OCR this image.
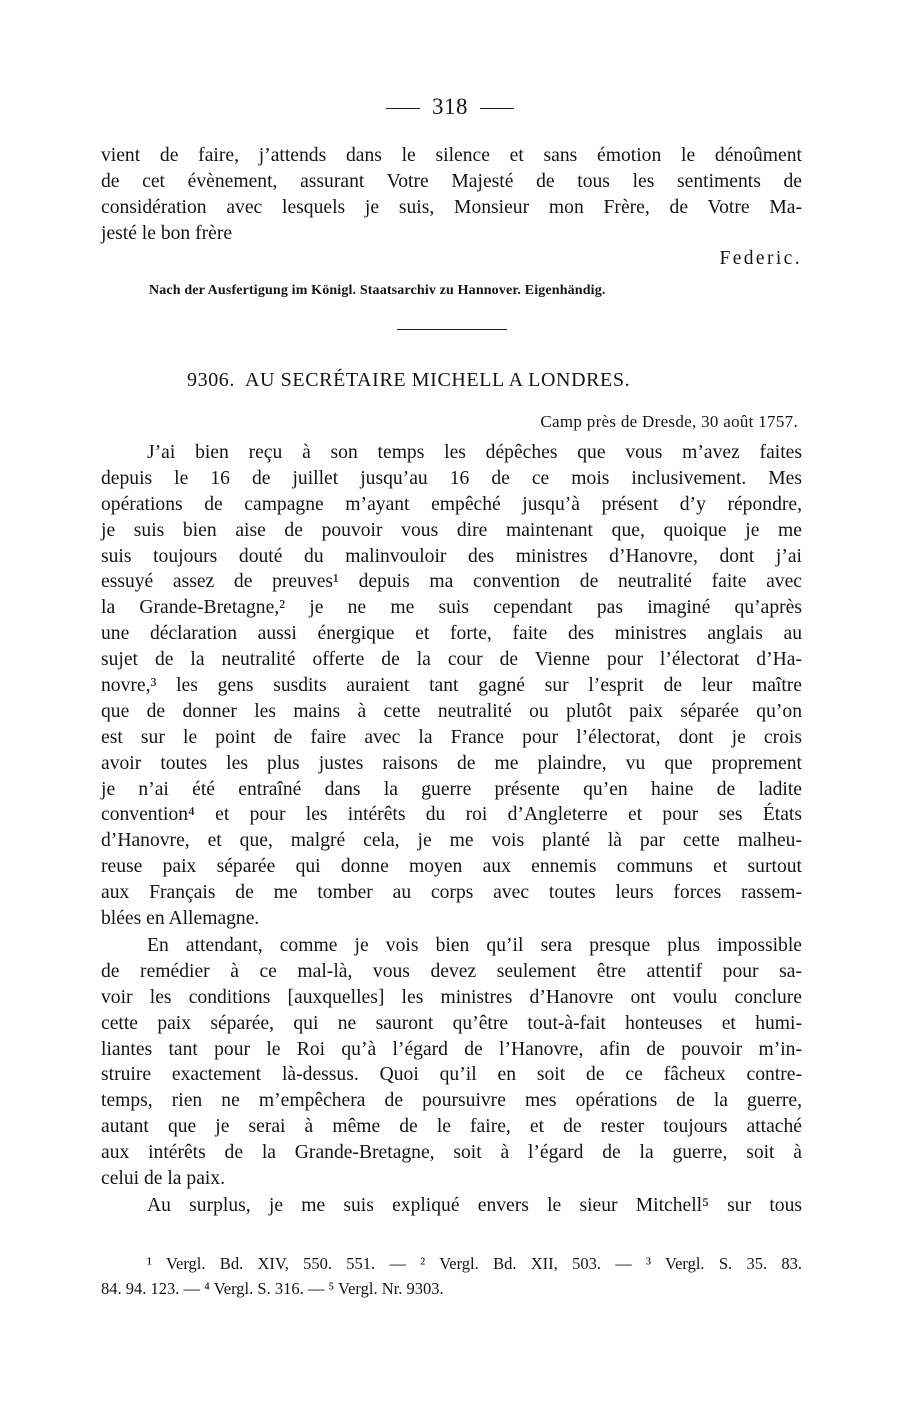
318
vient de faire, j’attends dans le silence et sans émotion le dénoûment
de cet évènement, assurant Votre Majesté de tous les sentiments de
considération avec lesquels je suis, Monsieur mon Frère, de Votre Ma-
jesté le bon frère
Federic.
Nach der Ausfertigung im Königl. Staatsarchiv zu Hannover. Eigenhändig.
9306. AU SECRÉTAIRE MICHELL A LONDRES.
Camp près de Dresde, 30 août 1757.
J’ai bien reçu à son temps les dépêches que vous m’avez faites
depuis le 16 de juillet jusqu’au 16 de ce mois inclusivement. Mes
opérations de campagne m’ayant empêché jusqu’à présent d’y répondre,
je suis bien aise de pouvoir vous dire maintenant que, quoique je me
suis toujours douté du malinvouloir des ministres d’Hanovre, dont j’ai
essuyé assez de preuves¹ depuis ma convention de neutralité faite avec
la Grande-Bretagne,² je ne me suis cependant pas imaginé qu’après
une déclaration aussi énergique et forte, faite des ministres anglais au
sujet de la neutralité offerte de la cour de Vienne pour l’électorat d’Ha-
novre,³ les gens susdits auraient tant gagné sur l’esprit de leur maître
que de donner les mains à cette neutralité ou plutôt paix séparée qu’on
est sur le point de faire avec la France pour l’électorat, dont je crois
avoir toutes les plus justes raisons de me plaindre, vu que proprement
je n’ai été entraîné dans la guerre présente qu’en haine de ladite
convention⁴ et pour les intérêts du roi d’Angleterre et pour ses États
d’Hanovre, et que, malgré cela, je me vois planté là par cette malheu-
reuse paix séparée qui donne moyen aux ennemis communs et surtout
aux Français de me tomber au corps avec toutes leurs forces rassem-
blées en Allemagne.
En attendant, comme je vois bien qu’il sera presque plus impossible
de remédier à ce mal-là, vous devez seulement être attentif pour sa-
voir les conditions [auxquelles] les ministres d’Hanovre ont voulu conclure
cette paix séparée, qui ne sauront qu’être tout-à-fait honteuses et humi-
liantes tant pour le Roi qu’à l’égard de l’Hanovre, afin de pouvoir m’in-
struire exactement là-dessus. Quoi qu’il en soit de ce fâcheux contre-
temps, rien ne m’empêchera de poursuivre mes opérations de la guerre,
autant que je serai à même de le faire, et de rester toujours attaché
aux intérêts de la Grande-Bretagne, soit à l’égard de la guerre, soit à
celui de la paix.
Au surplus, je me suis expliqué envers le sieur Mitchell⁵ sur tous
¹ Vergl. Bd. XIV, 550. 551. — ² Vergl. Bd. XII, 503. — ³ Vergl. S. 35. 83.
84. 94. 123. — ⁴ Vergl. S. 316. — ⁵ Vergl. Nr. 9303.
